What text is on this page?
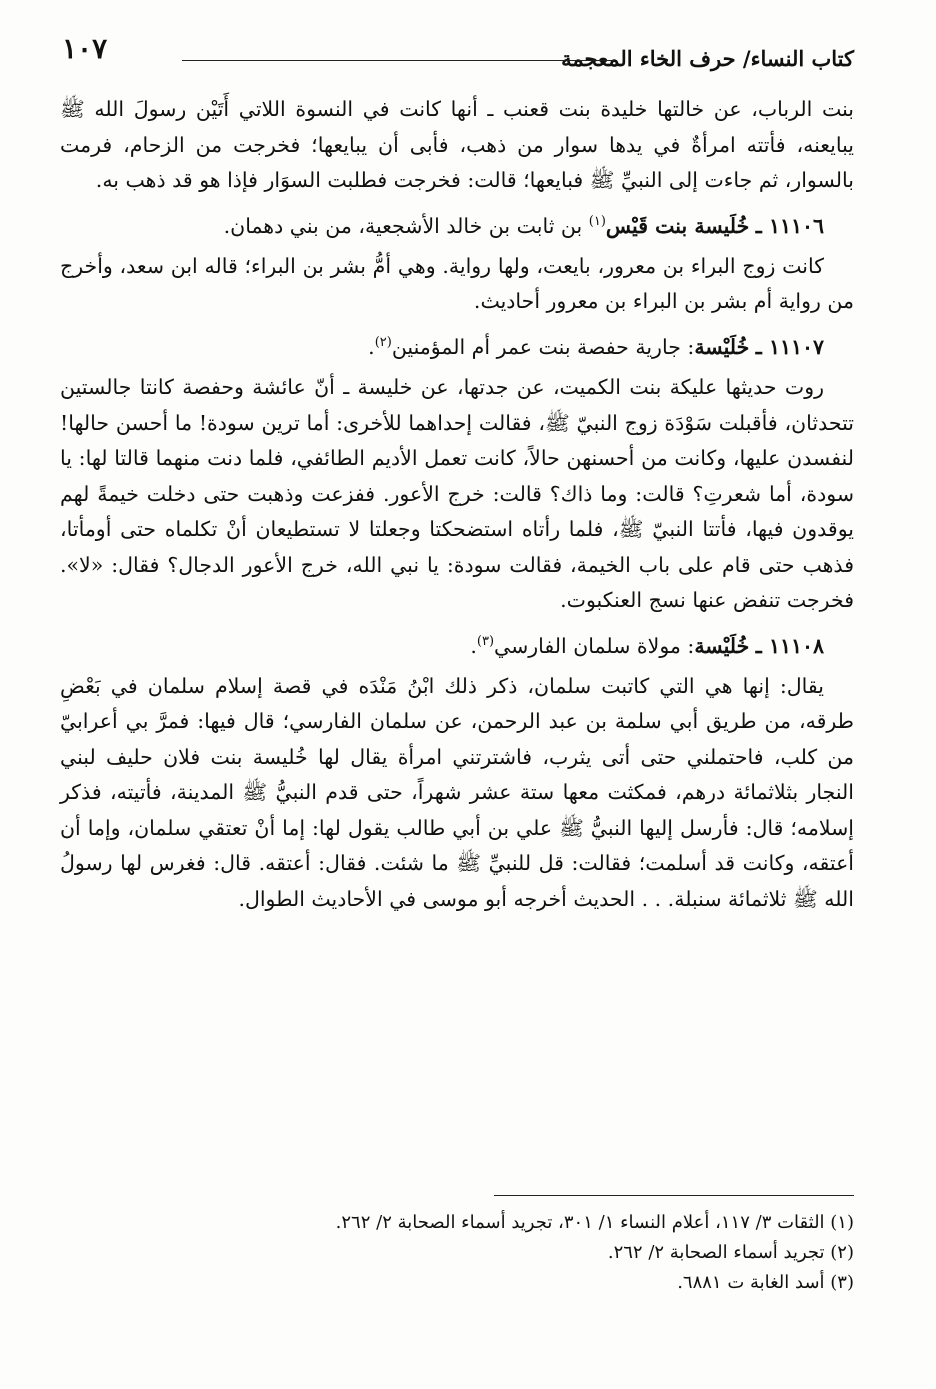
كتاب النساء/ حرف الخاء المعجمة
١٠٧

بنت الرباب، عن خالتها خليدة بنت قعنب ـ أنها كانت في النسوة اللاتي أَتَيْن رسولَ الله ﷺ يبايعنه، فأتته امرأةٌ في يدها سوار من ذهب، فأبى أن يبايعها؛ فخرجت من الزحام، فرمت بالسوار، ثم جاءت إلى النبيِّ ﷺ فبايعها؛ قالت: فخرجت فطلبت السوَار فإذا هو قد ذهب به.

١١١٠٦ ـ خُلَيسة بنت قَيْس$^{(١)}$ بن ثابت بن خالد الأشجعية، من بني دهمان.

كانت زوج البراء بن معرور، بايعت، ولها رواية. وهي أمُّ بشر بن البراء؛ قاله ابن سعد، وأخرج من رواية أم بشر بن البراء بن معرور أحاديث.

١١١٠٧ ـ خُلَيْسة: جارية حفصة بنت عمر أم المؤمنين$^{(٢)}$.

روت حديثها عليكة بنت الكميت، عن جدتها، عن خليسة ـ أنّ عائشة وحفصة كانتا جالستين تتحدثان، فأقبلت سَوْدَة زوج النبيّ ﷺ، فقالت إحداهما للأخرى: أما ترين سودة! ما أحسن حالها! لنفسدن عليها، وكانت من أحسنهن حالاً، كانت تعمل الأديم الطائفي، فلما دنت منهما قالتا لها: يا سودة، أما شعرتِ؟ قالت: وما ذاك؟ قالت: خرج الأعور. ففزعت وذهبت حتى دخلت خيمةً لهم يوقدون فيها، فأتتا النبيّ ﷺ، فلما رأتاه استضحكتا وجعلتا لا تستطيعان أنْ تكلماه حتى أومأتا، فذهب حتى قام على باب الخيمة، فقالت سودة: يا نبي الله، خرج الأعور الدجال؟ فقال: «لا». فخرجت تنفض عنها نسج العنكبوت.

١١١٠٨ ـ خُلَيْسة: مولاة سلمان الفارسي$^{(٣)}$.

يقال: إنها هي التي كاتبت سلمان، ذكر ذلك ابْنُ مَنْدَه في قصة إسلام سلمان في بَعْضِ طرقه، من طريق أبي سلمة بن عبد الرحمن، عن سلمان الفارسي؛ قال فيها: فمرَّ بي أعرابيّ من كلب، فاحتملني حتى أتى يثرب، فاشترتني امرأة يقال لها خُليسة بنت فلان حليف لبني النجار بثلاثمائة درهم، فمكثت معها ستة عشر شهراً، حتى قدم النبيُّ ﷺ المدينة، فأتيته، فذكر إسلامه؛ قال: فأرسل إليها النبيُّ ﷺ علي بن أبي طالب يقول لها: إما أنْ تعتقي سلمان، وإما أن أعتقه، وكانت قد أسلمت؛ فقالت: قل للنبيِّ ﷺ ما شئت. فقال: أعتقه. قال: فغرس لها رسولُ الله ﷺ ثلاثمائة سنبلة. . . الحديث أخرجه أبو موسى في الأحاديث الطوال.

(١) الثقات ٣/ ١١٧، أعلام النساء ١/ ٣٠١، تجريد أسماء الصحابة ٢/ ٢٦٢.

(٢) تجريد أسماء الصحابة ٢/ ٢٦٢.

(٣) أسد الغابة ت ٦٨٨١.
